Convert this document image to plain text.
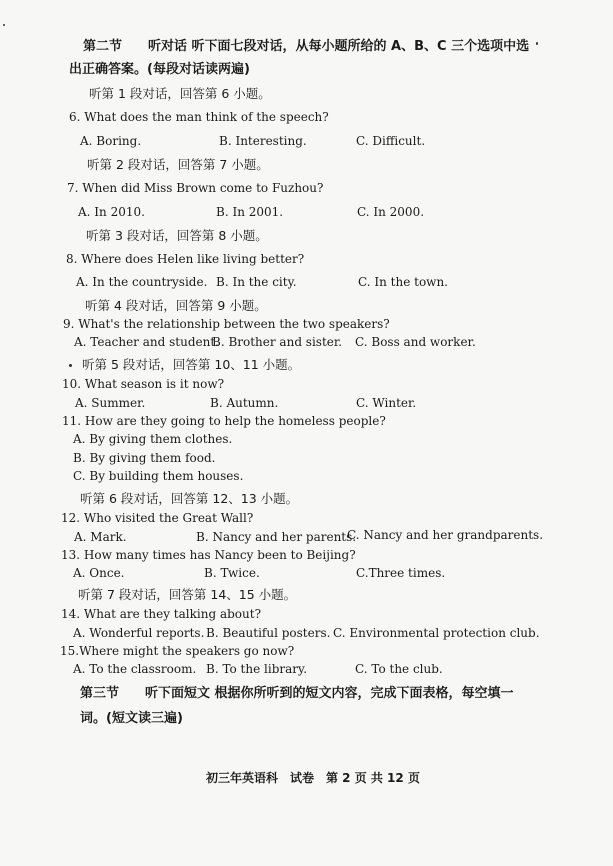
第二节　　听对话 听下面七段对话，从每小题所给的 A、B、C 三个选项中选
出正确答案。(每段对话读两遍)
听第 1 段对话，回答第 6 小题。
6. What does the man think of the speech?
A. Boring.	B. Interesting.	C. Difficult.
听第 2 段对话，回答第 7 小题。
7. When did Miss Brown come to Fuzhou?
A. In 2010.	B. In 2001.	C. In 2000.
听第 3 段对话，回答第 8 小题。
8. Where does Helen like living better?
A. In the countryside. B. In the city.	C. In the town.
听第 4 段对话，回答第 9 小题。
9. What's the relationship between the two speakers?
A. Teacher and student.
B. Brother and sister. C. Boss and worker.
听第 5 段对话，回答第 10、11 小题。
10. What season is it now?
A. Summer.	B. Autumn.	C. Winter.
11. How are they going to help the homeless people?
A. By giving them clothes.
B. By giving them food.
C. By building them houses.
听第 6 段对话，回答第 12、13 小题。
12. Who visited the Great Wall?
A. Mark.	B. Nancy and her parents.
C. Nancy and her grandparents.
13. How many times has Nancy been to Beijing?
A. Once.	B. Twice.	C.Three times.
听第 7 段对话，回答第 14、15 小题。
14. What are they talking about?
A. Wonderful reports. B. Beautiful posters. C. Environmental protection club.
15.Where might the speakers go now?
A. To the classroom. B. To the library.	C. To the club.
第三节　　听下面短文 根据你所听到的短文内容，完成下面表格，每空填一
词。(短文读三遍)
初三年英语科　试卷　第 2 页 共 12 页
